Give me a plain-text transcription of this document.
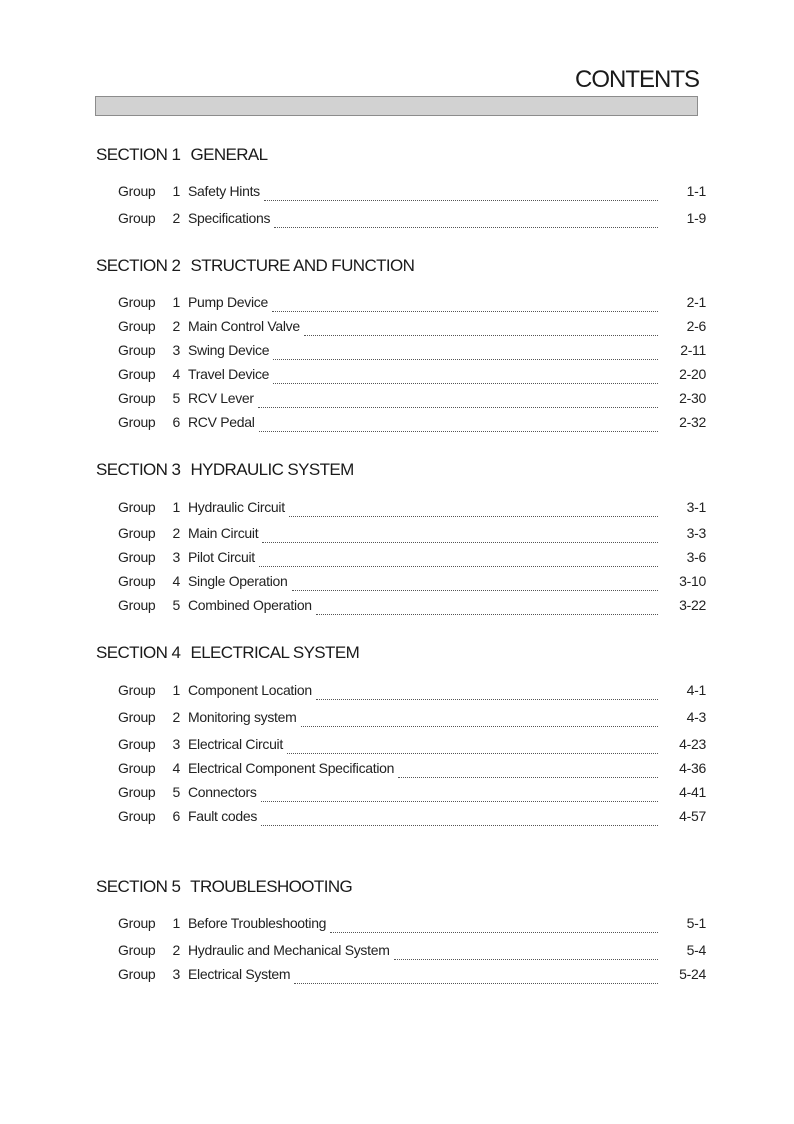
CONTENTS
SECTION 1 GENERAL
Group	1 Safety Hints	1-1
Group	2 Specifications	1-9
SECTION 2 STRUCTURE AND FUNCTION
Group	1 Pump Device	2-1
Group	2 Main Control Valve	2-6
Group	3 Swing Device	2-11
Group	4 Travel Device	2-20
Group	5 RCV Lever	2-30
Group	6 RCV Pedal	2-32
SECTION 3 HYDRAULIC SYSTEM
Group	1 Hydraulic Circuit	3-1
Group	2 Main Circuit	3-3
Group	3 Pilot Circuit	3-6
Group	4 Single Operation	3-10
Group	5 Combined Operation	3-22
SECTION 4 ELECTRICAL SYSTEM
Group	1 Component Location	4-1
Group	2 Monitoring system	4-3
Group	3 Electrical Circuit	4-23
Group	4 Electrical Component Specification	4-36
Group	5 Connectors	4-41
Group	6 Fault codes	4-57
SECTION 5 TROUBLESHOOTING
Group	1 Before Troubleshooting	5-1
Group	2 Hydraulic and Mechanical System	5-4
Group	3 Electrical System	5-24
